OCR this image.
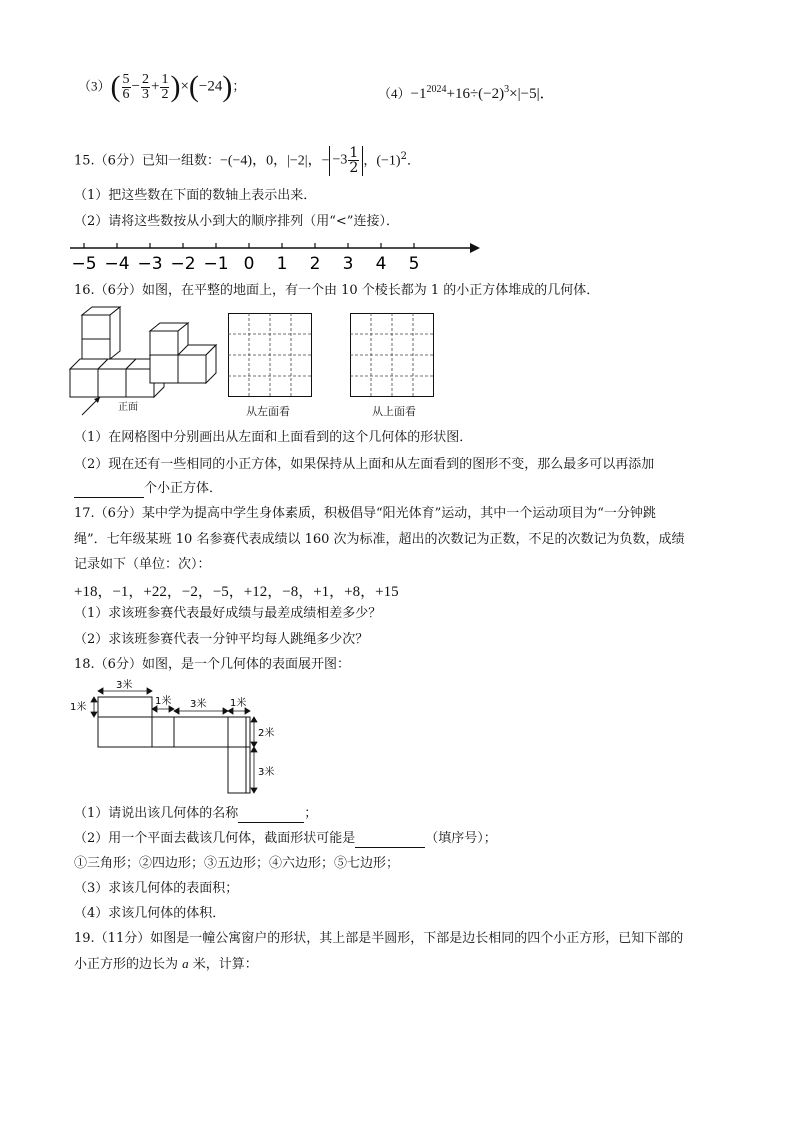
$(3)( \frac{5}{6} - \frac{2}{3} + \frac{1}{2} )\times(-24)$；
$(4)-1^{2024}+16\div(-2)^3\times|-5|$．
15.（6分）已知一组数：−(−4)，0，|−2|，− $-3 \frac{1}{2}$ ，$(-1)^2$．
（1）把这些数在下面的数轴上表示出来．
（2）请将这些数按从小到大的顺序排列（用“<”连接）．
−5 −4 −3 −2 −1 0 1 2 3 4 5
16.（6分）如图，在平整的地面上，有一个由 10 个棱长都为 1 的小正方体堆成的几何体．
正面	从左面看	从上面看
（1）在网格图中分别画出从左面和上面看到的这个几何体的形状图．
（2）现在还有一些相同的小正方体，如果保持从上面和从左面看到的图形不变，那么最多可以再添加
个小正方体．
17.（6分）某中学为提高中学生身体素质，积极倡导“阳光体育”运动，其中一个运动项目为“一分钟跳
绳”．七年级某班 10 名参赛代表成绩以 160 次为标准，超出的次数记为正数，不足的次数记为负数，成绩
记录如下（单位：次）：
+18，−1，+22，−2，−5，+12，−8，+1，+8，+15
（1）求该班参赛代表最好成绩与最差成绩相差多少？
（2）求该班参赛代表一分钟平均每人跳绳多少次？
18.（6分）如图，是一个几何体的表面展开图：
3米
1米 3米 1米
1米
2米
3米
（1）请说出该几何体的名称	；
（2）用一个平面去截该几何体，截面形状可能是	（填序号）；
①三角形；②四边形；③五边形；④六边形；⑤七边形；
（3）求该几何体的表面积；
（4）求该几何体的体积．
19.（11分）如图是一幢公寓窗户的形状，其上部是半圆形，下部是边长相同的四个小正方形，已知下部的
小正方形的边长为 a 米，计算：
